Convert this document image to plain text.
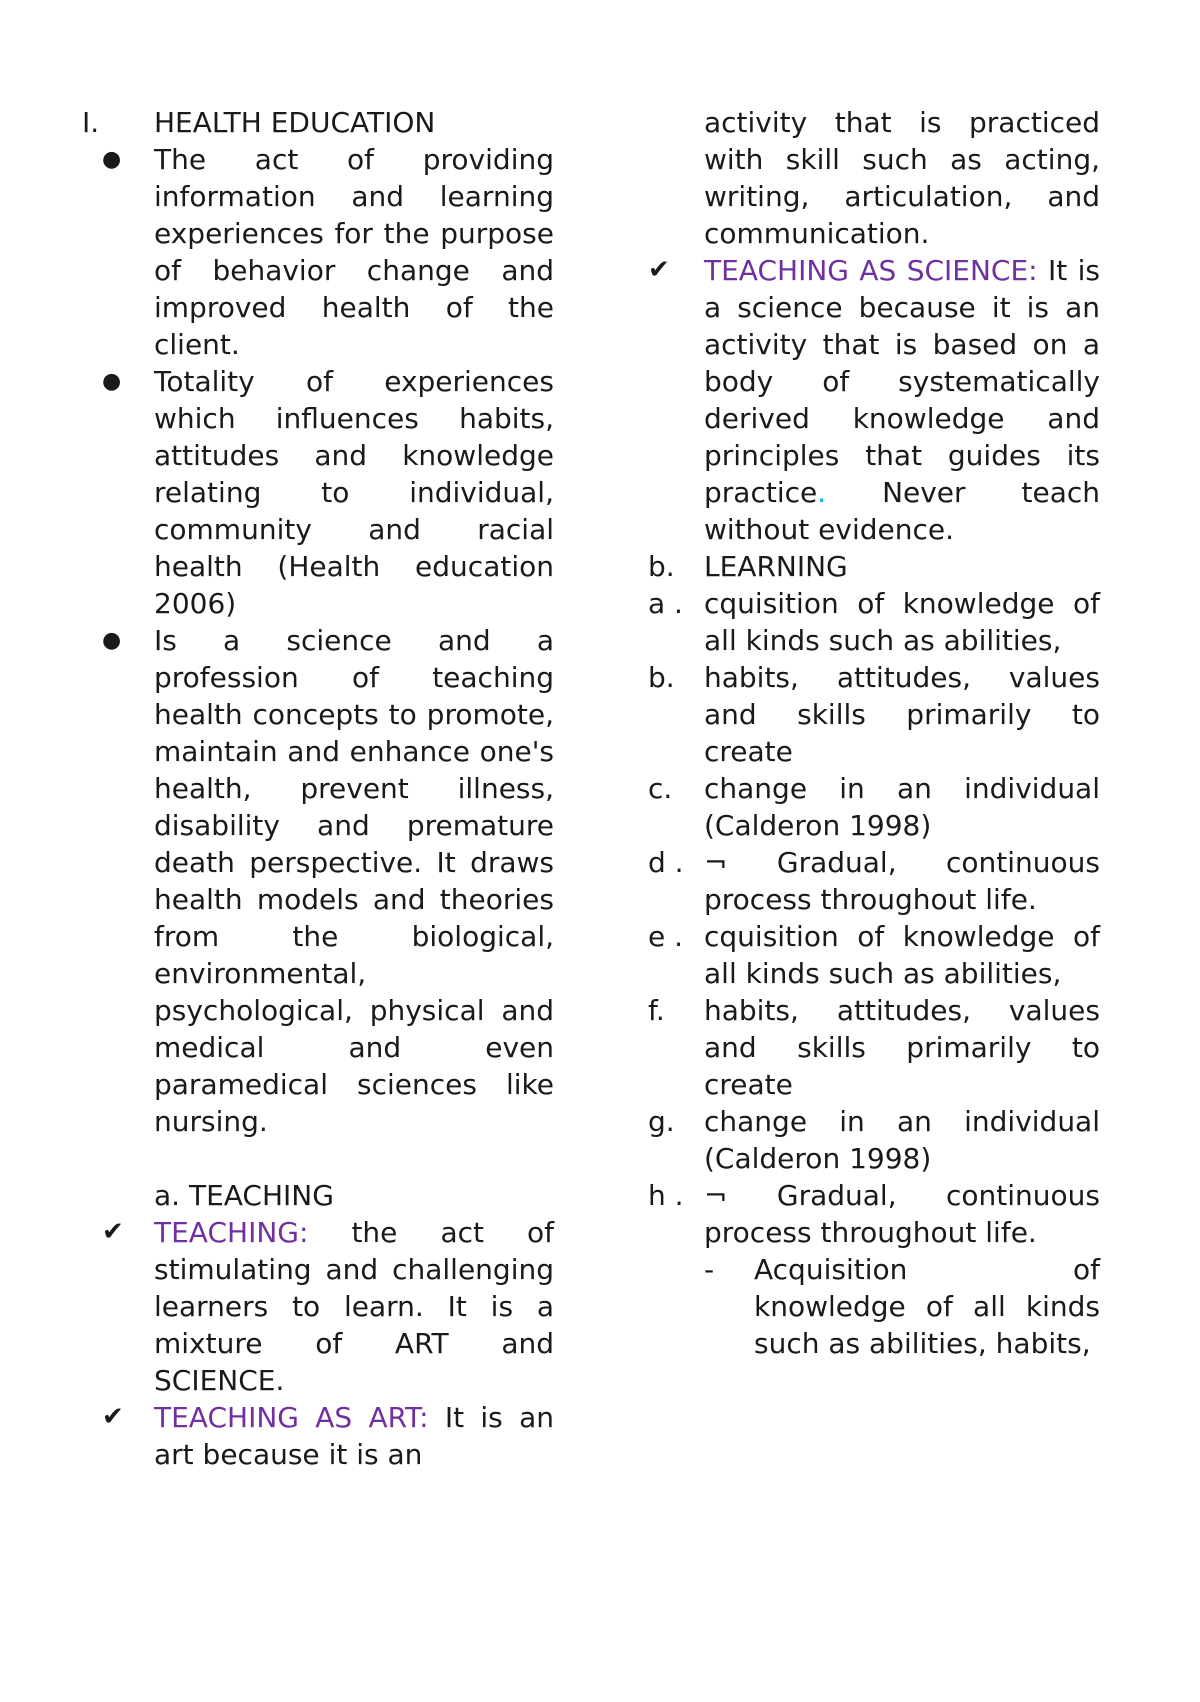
I. HEALTH EDUCATION
● The act of providing information and learning experiences for the purpose of behavior change and improved health of the client.
● Totality of experiences which influences habits, attitudes and knowledge relating to individual, community and racial health (Health education 2006)
● Is a science and a profession of teaching health concepts to promote, maintain and enhance one's health, prevent illness, disability and premature death perspective. It draws health models and theories from the biological, environmental, psychological, physical and medical and even paramedical sciences like nursing.
a. TEACHING
✔ TEACHING: the act of stimulating and challenging learners to learn. It is a mixture of ART and SCIENCE.
✔ TEACHING AS ART: It is an art because it is an
activity that is practiced with skill such as acting, writing, articulation, and communication.
✔ TEACHING AS SCIENCE: It is a science because it is an activity that is based on a body of systematically derived knowledge and principles that guides its practice. Never teach without evidence.
b. LEARNING
a . cquisition of knowledge of all kinds such as abilities,
b. habits, attitudes, values and skills primarily to create
c. change in an individual (Calderon 1998)
d . ¬ Gradual, continuous process throughout life.
e . cquisition of knowledge of all kinds such as abilities,
f. habits, attitudes, values and skills primarily to create
g. change in an individual (Calderon 1998)
h . ¬ Gradual, continuous process throughout life.
- Acquisition of knowledge of all kinds such as abilities, habits,
